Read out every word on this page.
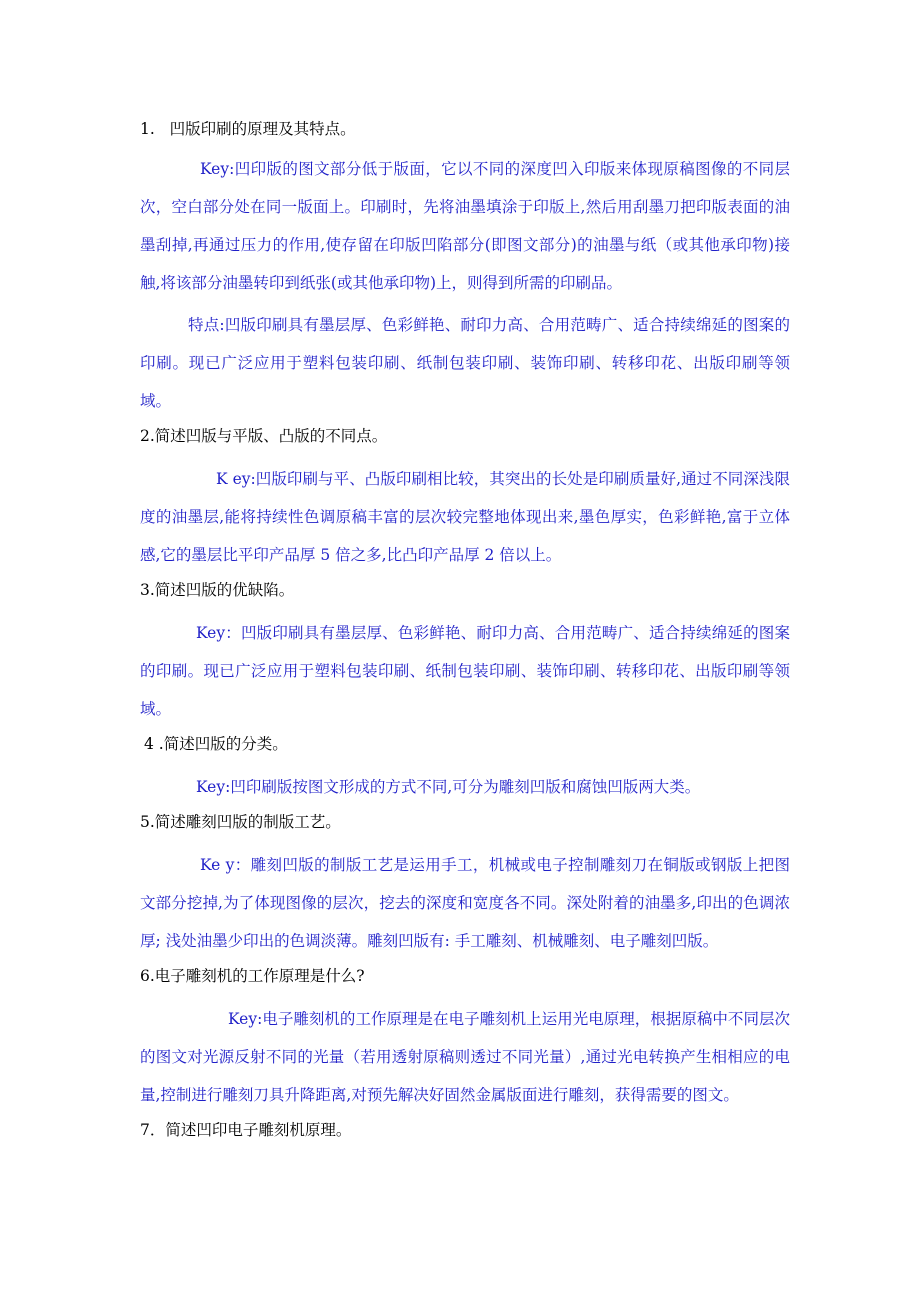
1.   凹版印刷的原理及其特点。

Key:凹印版的图文部分低于版面，它以不同的深度凹入印版来体现原稿图像的不同层次，空白部分处在同一版面上。印刷时，先将油墨填涂于印版上,然后用刮墨刀把印版表面的油墨刮掉,再通过压力的作用,使存留在印版凹陷部分(即图文部分)的油墨与纸（或其他承印物)接触,将该部分油墨转印到纸张(或其他承印物)上，则得到所需的印刷品。

特点:凹版印刷具有墨层厚、色彩鲜艳、耐印力高、合用范畴广、适合持续绵延的图案的印刷。现已广泛应用于塑料包装印刷、纸制包装印刷、装饰印刷、转移印花、出版印刷等领域。

2.简述凹版与平版、凸版的不同点。

K ey:凹版印刷与平、凸版印刷相比较，其突出的长处是印刷质量好,通过不同深浅限度的油墨层,能将持续性色调原稿丰富的层次较完整地体现出来,墨色厚实，色彩鲜艳,富于立体感,它的墨层比平印产品厚 5 倍之多,比凸印产品厚 2 倍以上。

3.简述凹版的优缺陷。

Key：凹版印刷具有墨层厚、色彩鲜艳、耐印力高、合用范畴广、适合持续绵延的图案的印刷。现已广泛应用于塑料包装印刷、纸制包装印刷、装饰印刷、转移印花、出版印刷等领域。

4 .简述凹版的分类。

Key:凹印刷版按图文形成的方式不同,可分为雕刻凹版和腐蚀凹版两大类。

5.简述雕刻凹版的制版工艺。

Ke y：雕刻凹版的制版工艺是运用手工，机械或电子控制雕刻刀在铜版或钢版上把图文部分挖掉,为了体现图像的层次，挖去的深度和宽度各不同。深处附着的油墨多,印出的色调浓厚; 浅处油墨少印出的色调淡薄。雕刻凹版有: 手工雕刻、机械雕刻、电子雕刻凹版。

6.电子雕刻机的工作原理是什么?

Key:电子雕刻机的工作原理是在电子雕刻机上运用光电原理，根据原稿中不同层次的图文对光源反射不同的光量（若用透射原稿则透过不同光量）,通过光电转换产生相相应的电量,控制进行雕刻刀具升降距离,对预先解决好固然金属版面进行雕刻，获得需要的图文。

7．简述凹印电子雕刻机原理。
